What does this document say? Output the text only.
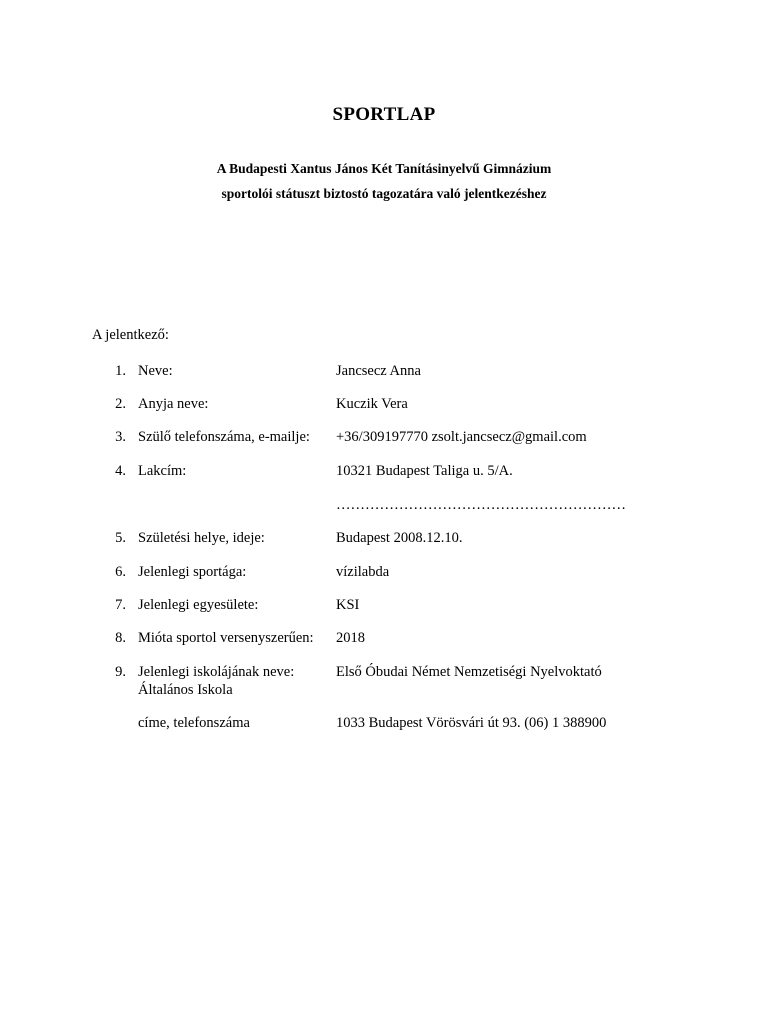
SPORTLAP
A Budapesti Xantus János Két Tanításinyelvű Gimnázium
sportolói státuszt biztostó tagozatára való jelentkezéshez
A jelentkező:
1. Neve:	Jancsecz Anna
2. Anyja neve:	Kuczik Vera
3. Szülő telefonszáma, e-mailje: +36/309197770 zsolt.jancsecz@gmail.com
4. Lakcím:	10321 Budapest Taliga u. 5/A.
……………………………………………………
5. Születési helye, ideje:	Budapest 2008.12.10.
6. Jelenlegi sportága:	vízilabda
7. Jelenlegi egyesülete:	KSI
8. Mióta sportol versenyszerűen: 2018
9. Jelenlegi iskolájának neve:	Első Óbudai Német Nemzetiségi Nyelvoktató
Általános Iskola
címe, telefonszáma	1033 Budapest Vörösvári út 93. (06) 1 388900
